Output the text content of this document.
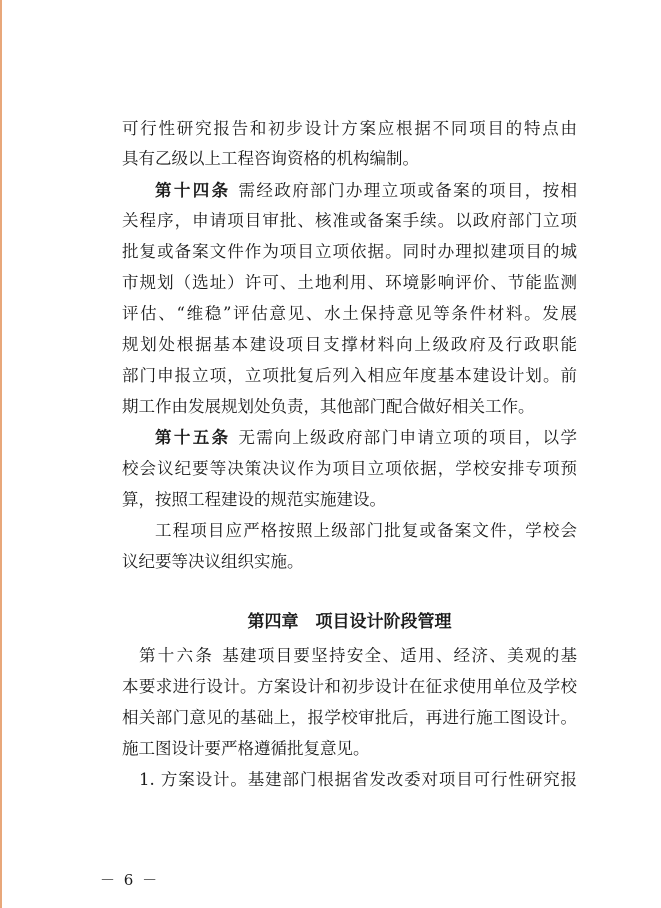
可行性研究报告和初步设计方案应根据不同项目的特点由
具有乙级以上工程咨询资格的机构编制。
第十四条 需经政府部门办理立项或备案的项目，按相
关程序，申请项目审批、核准或备案手续。以政府部门立项
批复或备案文件作为项目立项依据。同时办理拟建项目的城
市规划（选址）许可、土地利用、环境影响评价、节能监测
评估、“维稳”评估意见、水土保持意见等条件材料。发展
规划处根据基本建设项目支撑材料向上级政府及行政职能
部门申报立项，立项批复后列入相应年度基本建设计划。前
期工作由发展规划处负责，其他部门配合做好相关工作。
第十五条 无需向上级政府部门申请立项的项目，以学
校会议纪要等决策决议作为项目立项依据，学校安排专项预
算，按照工程建设的规范实施建设。
工程项目应严格按照上级部门批复或备案文件，学校会
议纪要等决议组织实施。
第四章　项目设计阶段管理
第十六条 基建项目要坚持安全、适用、经济、美观的基
本要求进行设计。方案设计和初步设计在征求使用单位及学校
相关部门意见的基础上，报学校审批后，再进行施工图设计。
施工图设计要严格遵循批复意见。
1. 方案设计。基建部门根据省发改委对项目可行性研究报
－ 6 －
